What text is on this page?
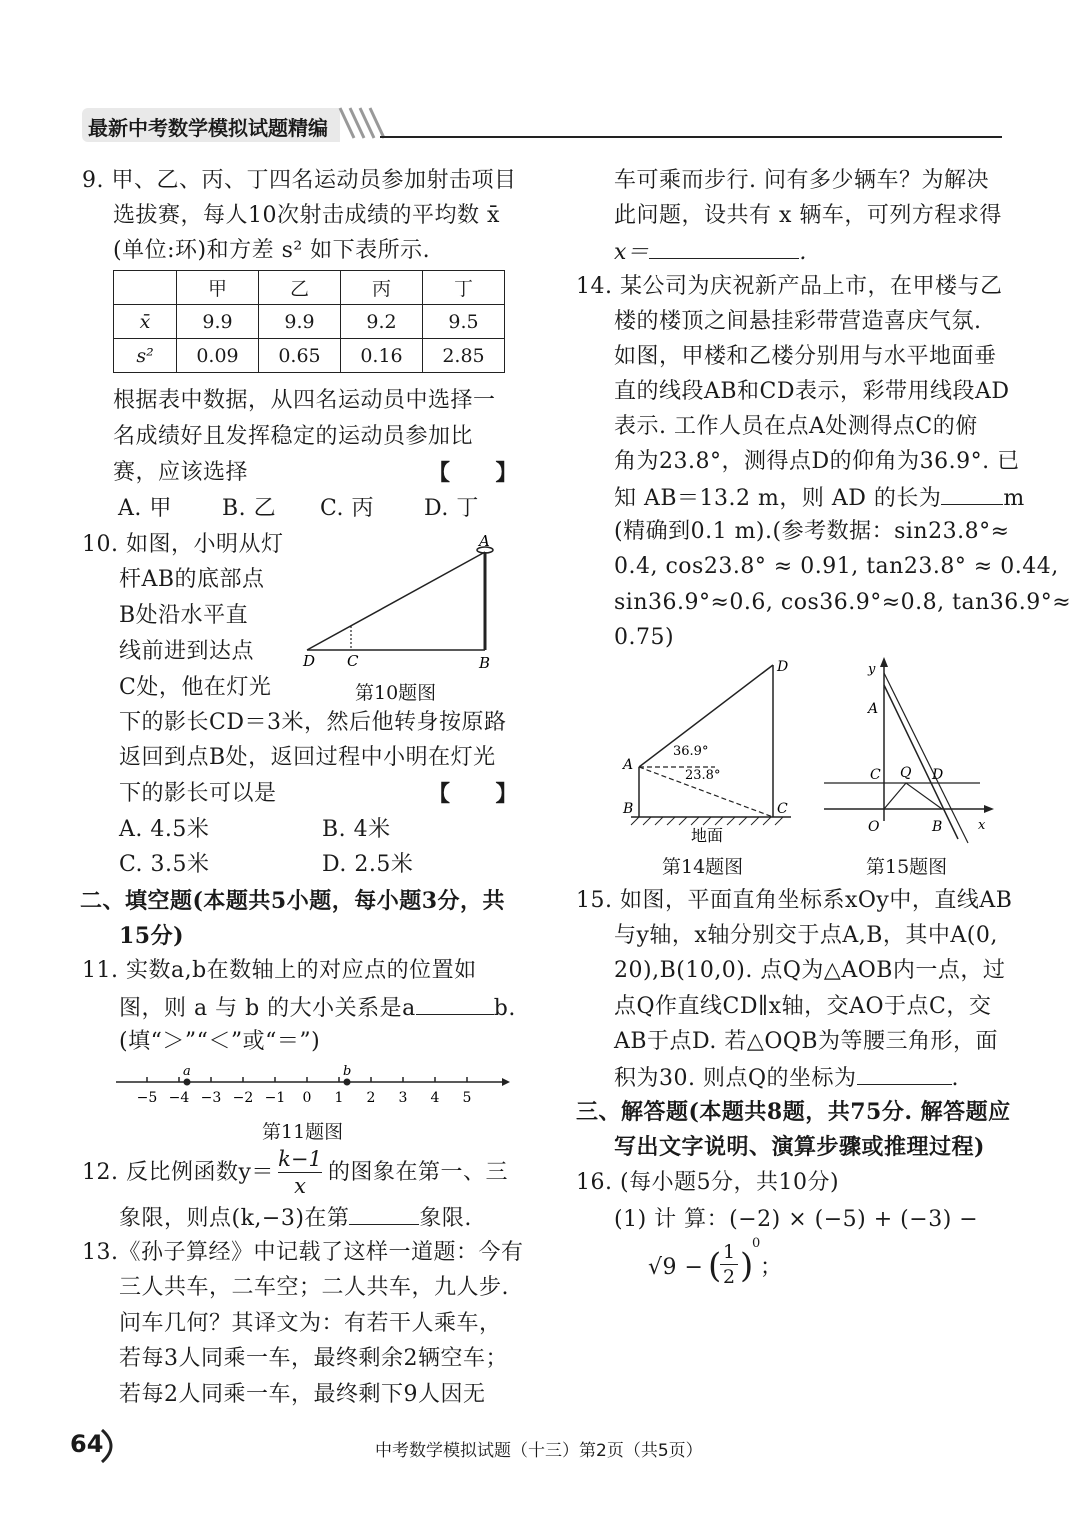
最新中考数学模拟试题精编
9. 甲、乙、丙、丁四名运动员参加射击项目
选拔赛，每人10次射击成绩的平均数 x̄
(单位:环)和方差 s² 如下表所示.
	甲	乙	丙	丁
x̄	9.9	9.9	9.2	9.5
s²	0.09	0.65	0.16	2.85
根据表中数据，从四名运动员中选择一
名成绩好且发挥稳定的运动员参加比
赛，应该选择	【　　】
A. 甲 B. 乙 C. 丙 D. 丁
10. 如图，小明从灯
杆AB的底部点
B处沿水平直
线前进到达点
C处，他在灯光
A
B
C
D
第10题图
下的影长CD＝3米，然后他转身按原路
返回到点B处，返回过程中小明在灯光
下的影长可以是	【　　】
A. 4.5米	B. 4米
C. 3.5米	D. 2.5米
二、填空题(本题共5小题，每小题3分，共
15分)
11. 实数a,b在数轴上的对应点的位置如
图，则 a 与 b 的大小关系是a	b.
(填“＞”“＜”或“＝”)
−5 −4 −3 −2 −1 0 1 2 3 4 5
a	b
第11题图
12. 反比例函数$y= \frac{k-1}{x}$ 的图象在第一、三
象限，则点(k,−3)在第	象限.
13.《孙子算经》中记载了这样一道题：今有
三人共车，二车空；二人共车，九人步.
问车几何？其译文为：有若干人乘车，
若每3人同乘一车，最终剩余2辆空车；
若每2人同乘一车，最终剩下9人因无
车可乘而步行. 问有多少辆车？为解决
此问题，设共有 x 辆车，可列方程求得
x＝	.
14. 某公司为庆祝新产品上市，在甲楼与乙
楼的楼顶之间悬挂彩带营造喜庆气氛.
如图，甲楼和乙楼分别用与水平地面垂
直的线段AB和CD表示，彩带用线段AD
表示. 工作人员在点A处测得点C的俯
角为23.8°，测得点D的仰角为36.9°. 已
知 AB＝13.2 m，则 AD 的长为	m
(精确到0.1 m).(参考数据：sin23.8°≈
0.4, cos23.8° ≈ 0.91, tan23.8° ≈ 0.44,
sin36.9°≈0.6, cos36.9°≈0.8, tan36.9°≈
0.75)
A
B	C
D
36.9°
23.8°
地面
第14题图
y
A
C Q D
O	B	x
第15题图
15. 如图，平面直角坐标系xOy中，直线AB
与y轴，x轴分别交于点A,B，其中A(0,
20),B(10,0). 点Q为△AOB内一点，过
点Q作直线CD∥x轴，交AO于点C，交
AB于点D. 若△OQB为等腰三角形，面
积为30. 则点Q的坐标为	.
三、解答题(本题共8题，共75分. 解答题应
写出文字说明、演算步骤或推理过程)
16. (每小题5分，共10分)
(1) 计 算：(−2) × (−5) + (−3) −
√9 − (
$\frac{1}{2}$ )
0
；
64	中考数学模拟试题（十三）第2页（共5页）
